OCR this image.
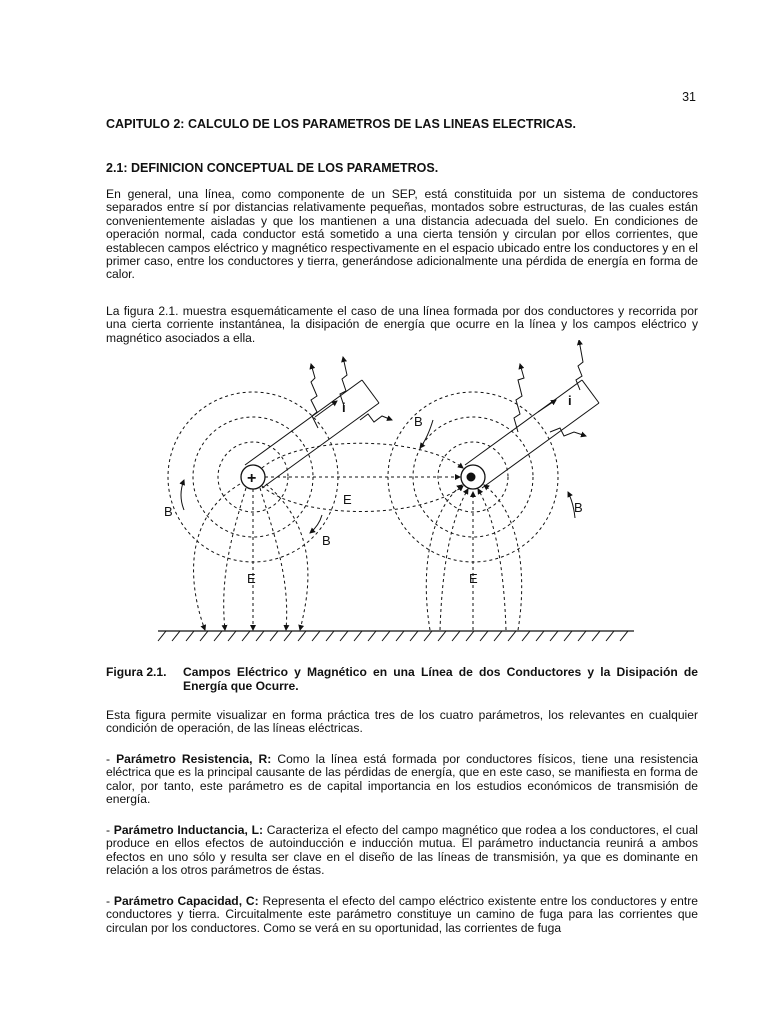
31
CAPITULO 2: CALCULO DE LOS PARAMETROS DE LAS LINEAS ELECTRICAS.
2.1: DEFINICION CONCEPTUAL DE LOS PARAMETROS.

En general, una línea, como componente de un SEP, está constituida por un sistema de conductores separados entre sí por distancias relativamente pequeñas, montados sobre estructuras, de las cuales están convenientemente aisladas y que los mantienen a una distancia adecuada del suelo. En condiciones de operación normal, cada conductor está sometido a una cierta tensión y circulan por ellos corrientes, que establecen campos eléctrico y magnético respectivamente en el espacio ubicado entre los conductores y en el primer caso, entre los conductores y tierra, generándose adicionalmente una pérdida de energía en forma de calor.

La figura 2.1. muestra esquemáticamente el caso de una línea formada por dos conductores y recorrida por una cierta corriente instantánea, la disipación de energía que ocurre en la línea y los campos eléctrico y magnético asociados a ella.

+
i	i
B
B
B
B
E
E	E
Figura 2.1. Campos Eléctrico y Magnético en una Línea de dos Conductores y la Disipación de Energía que Ocurre.

Esta figura permite visualizar en forma práctica tres de los cuatro parámetros, los relevantes en cualquier condición de operación, de las líneas eléctricas.

- Parámetro Resistencia, R: Como la línea está formada por conductores físicos, tiene una resistencia eléctrica que es la principal causante de las pérdidas de energía, que en este caso, se manifiesta en forma de calor, por tanto, este parámetro es de capital importancia en los estudios económicos de transmisión de energía.

- Parámetro Inductancia, L: Caracteriza el efecto del campo magnético que rodea a los conductores, el cual produce en ellos efectos de autoinducción e inducción mutua. El parámetro inductancia reunirá a ambos efectos en uno sólo y resulta ser clave en el diseño de las líneas de transmisión, ya que es dominante en relación a los otros parámetros de éstas.

- Parámetro Capacidad, C: Representa el efecto del campo eléctrico existente entre los conductores y entre conductores y tierra. Circuitalmente este parámetro constituye un camino de fuga para las corrientes que circulan por los conductores. Como se verá en su oportunidad, las corrientes de fuga
